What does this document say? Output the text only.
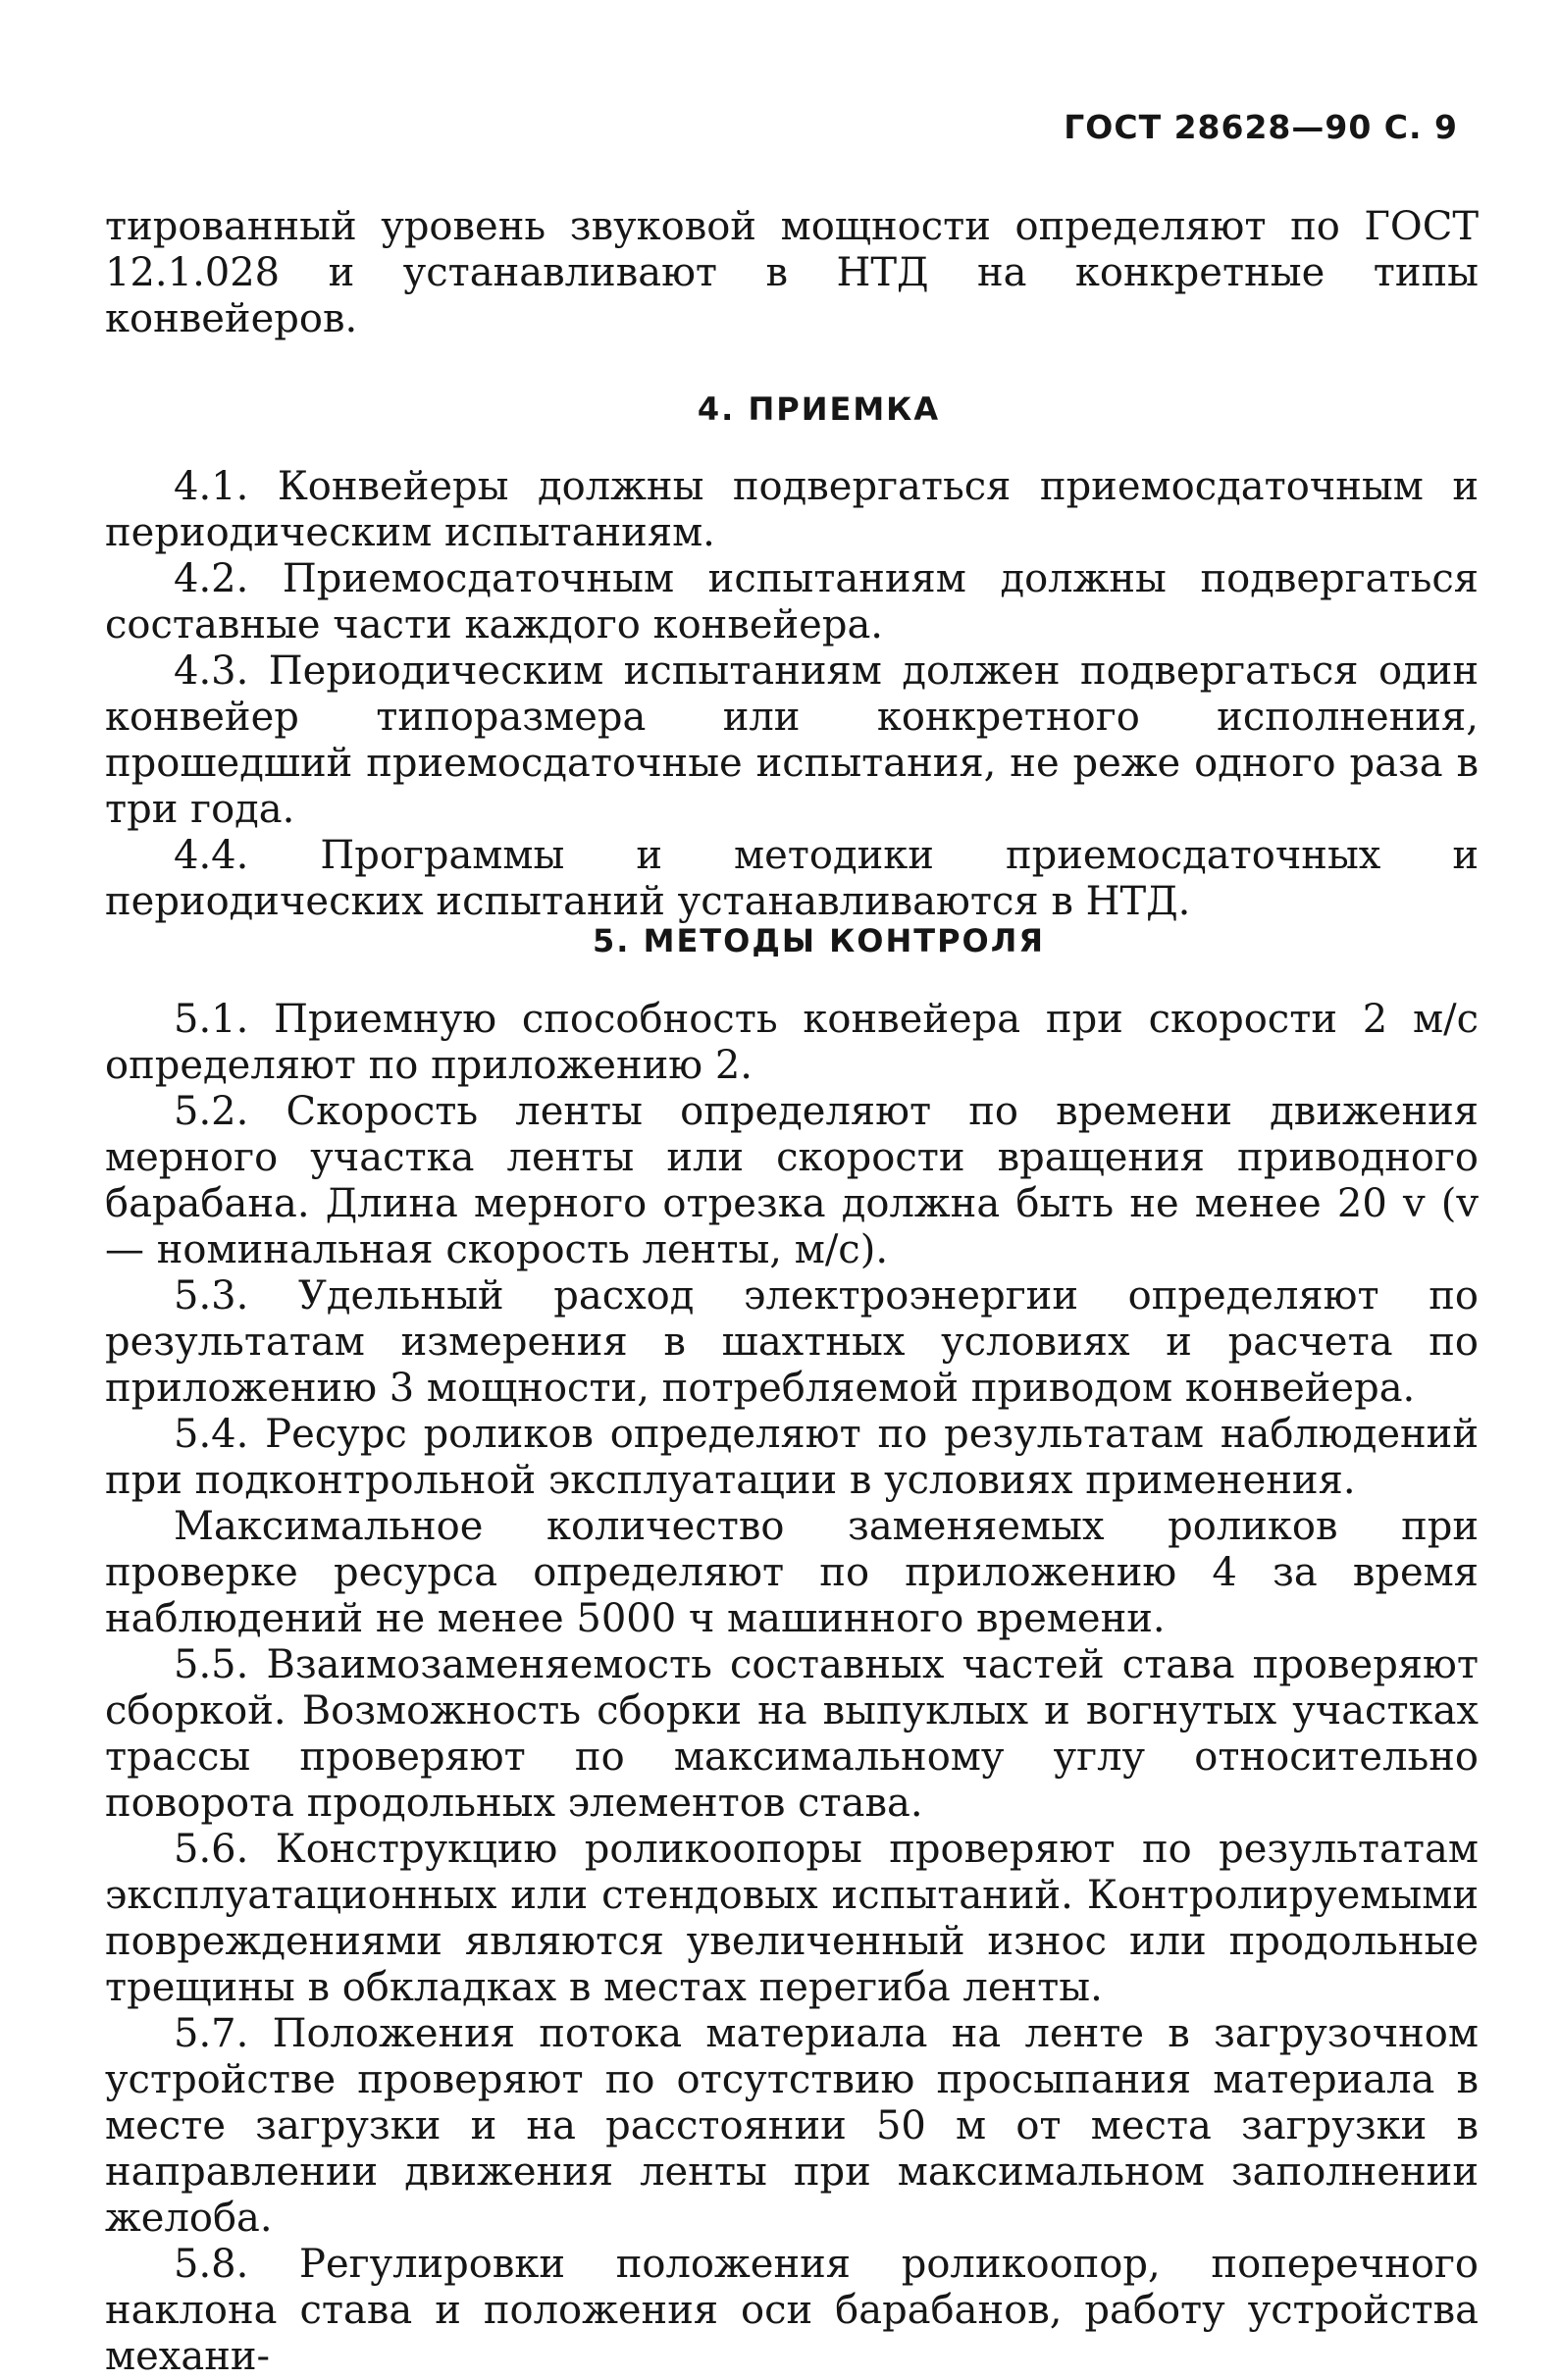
ГОСТ 28628—90 С. 9

тированный уровень звуковой мощности определяют по ГОСТ 12.1.028 и устанавливают в НТД на конкретные типы конвейеров.

4. ПРИЕМКА

4.1. Конвейеры должны подвергаться приемосдаточным и периодическим испытаниям.

4.2. Приемосдаточным испытаниям должны подвергаться составные части каждого конвейера.

4.3. Периодическим испытаниям должен подвергаться один конвейер типоразмера или конкретного исполнения, прошедший приемосдаточные испытания, не реже одного раза в три года.

4.4. Программы и методики приемосдаточных и периодических испытаний устанавливаются в НТД.

5. МЕТОДЫ КОНТРОЛЯ

5.1. Приемную способность конвейера при скорости 2 м/с определяют по приложению 2.

5.2. Скорость ленты определяют по времени движения мерного участка ленты или скорости вращения приводного барабана. Длина мерного отрезка должна быть не менее 20 v (v — номинальная скорость ленты, м/с).

5.3. Удельный расход электроэнергии определяют по результатам измерения в шахтных условиях и расчета по приложению 3 мощности, потребляемой приводом конвейера.

5.4. Ресурс роликов определяют по результатам наблюдений при подконтрольной эксплуатации в условиях применения.

Максимальное количество заменяемых роликов при проверке ресурса определяют по приложению 4 за время наблюдений не менее 5000 ч машинного времени.

5.5. Взаимозаменяемость составных частей става проверяют сборкой. Возможность сборки на выпуклых и вогнутых участках трассы проверяют по максимальному углу относительно поворота продольных элементов става.

5.6. Конструкцию роликоопоры проверяют по результатам эксплуатационных или стендовых испытаний. Контролируемыми повреждениями являются увеличенный износ или продольные трещины в обкладках в местах перегиба ленты.

5.7. Положения потока материала на ленте в загрузочном устройстве проверяют по отсутствию просыпания материала в месте загрузки и на расстоянии 50 м от места загрузки в направлении движения ленты при максимальном заполнении желоба.

5.8. Регулировки положения роликоопор, поперечного наклона става и положения оси барабанов, работу устройства механи-
